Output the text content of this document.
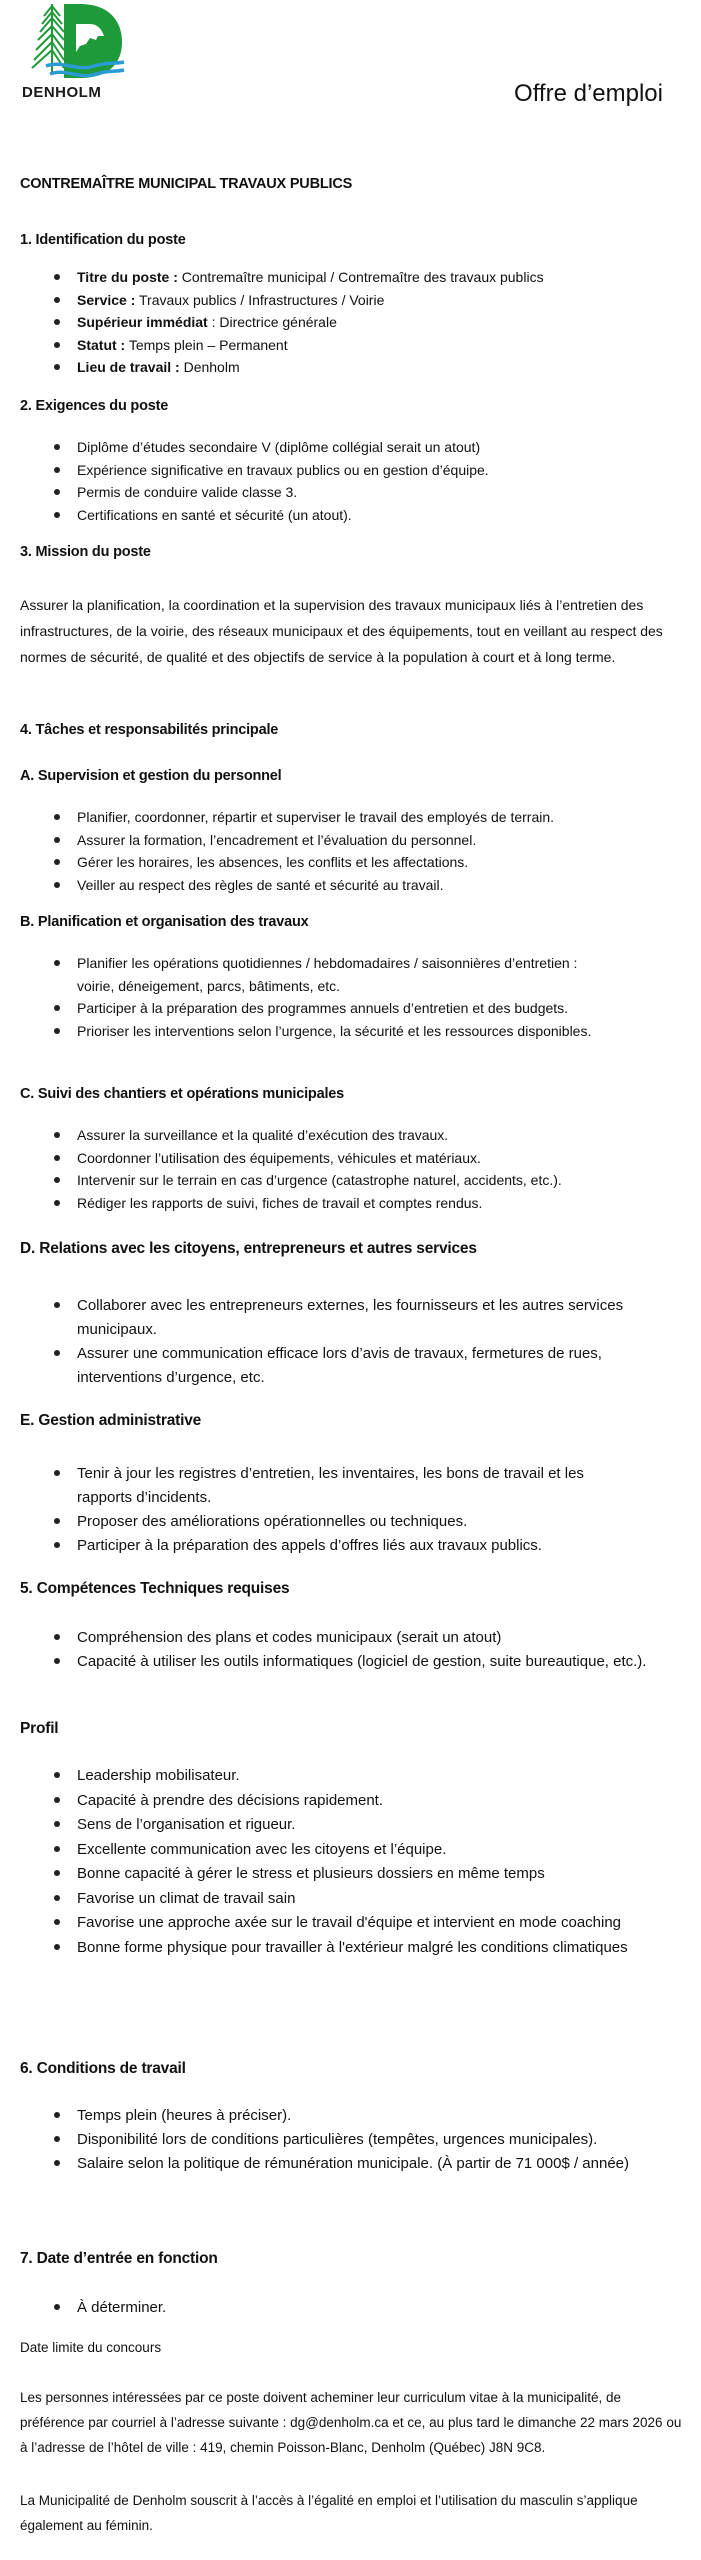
DENHOLM	Offre d’emploi
CONTREMAÎTRE MUNICIPAL TRAVAUX PUBLICS
1. Identification du poste
Titre du poste : Contremaître municipal / Contremaître des travaux publics
Service : Travaux publics / Infrastructures / Voirie
Supérieur immédiat : Directrice générale
Statut : Temps plein – Permanent
Lieu de travail : Denholm
2. Exigences du poste
Diplôme d’études secondaire V (diplôme collégial serait un atout)
Expérience significative en travaux publics ou en gestion d’équipe.
Permis de conduire valide classe 3.
Certifications en santé et sécurité (un atout).
3. Mission du poste
Assurer la planification, la coordination et la supervision des travaux municipaux liés à l’entretien des infrastructures, de la voirie, des réseaux municipaux et des équipements, tout en veillant au respect des normes de sécurité, de qualité et des objectifs de service à la population à court et à long terme.
4. Tâches et responsabilités principale
A. Supervision et gestion du personnel
Planifier, coordonner, répartir et superviser le travail des employés de terrain.
Assurer la formation, l’encadrement et l’évaluation du personnel.
Gérer les horaires, les absences, les conflits et les affectations.
Veiller au respect des règles de santé et sécurité au travail.
B. Planification et organisation des travaux
Planifier les opérations quotidiennes / hebdomadaires / saisonnières d’entretien : voirie, déneigement, parcs, bâtiments, etc.
Participer à la préparation des programmes annuels d’entretien et des budgets.
Prioriser les interventions selon l’urgence, la sécurité et les ressources disponibles.
C. Suivi des chantiers et opérations municipales
Assurer la surveillance et la qualité d’exécution des travaux.
Coordonner l’utilisation des équipements, véhicules et matériaux.
Intervenir sur le terrain en cas d’urgence (catastrophe naturel, accidents, etc.).
Rédiger les rapports de suivi, fiches de travail et comptes rendus.
D. Relations avec les citoyens, entrepreneurs et autres services
Collaborer avec les entrepreneurs externes, les fournisseurs et les autres services municipaux.
Assurer une communication efficace lors d’avis de travaux, fermetures de rues, interventions d’urgence, etc.
E. Gestion administrative
Tenir à jour les registres d’entretien, les inventaires, les bons de travail et les rapports d’incidents.
Proposer des améliorations opérationnelles ou techniques.
Participer à la préparation des appels d’offres liés aux travaux publics.
5. Compétences Techniques requises
Compréhension des plans et codes municipaux (serait un atout)
Capacité à utiliser les outils informatiques (logiciel de gestion, suite bureautique, etc.).
Profil
Leadership mobilisateur.
Capacité à prendre des décisions rapidement.
Sens de l’organisation et rigueur.
Excellente communication avec les citoyens et l’équipe.
Bonne capacité à gérer le stress et plusieurs dossiers en même temps
Favorise un climat de travail sain
Favorise une approche axée sur le travail d'équipe et intervient en mode coaching
Bonne forme physique pour travailler à l'extérieur malgré les conditions climatiques
6. Conditions de travail
Temps plein (heures à préciser).
Disponibilité lors de conditions particulières (tempêtes, urgences municipales).
Salaire selon la politique de rémunération municipale. (À partir de 71 000$ / année)
7. Date d’entrée en fonction
À déterminer.
Date limite du concours
Les personnes intéressées par ce poste doivent acheminer leur curriculum vitae à la municipalité, de préférence par courriel à l’adresse suivante : dg@denholm.ca et ce, au plus tard le dimanche 22 mars 2026 ou à l’adresse de l’hôtel de ville : 419, chemin Poisson-Blanc, Denholm (Québec) J8N 9C8.
La Municipalité de Denholm souscrit à l’accès à l’égalité en emploi et l’utilisation du masculin s’applique également au féminin.
